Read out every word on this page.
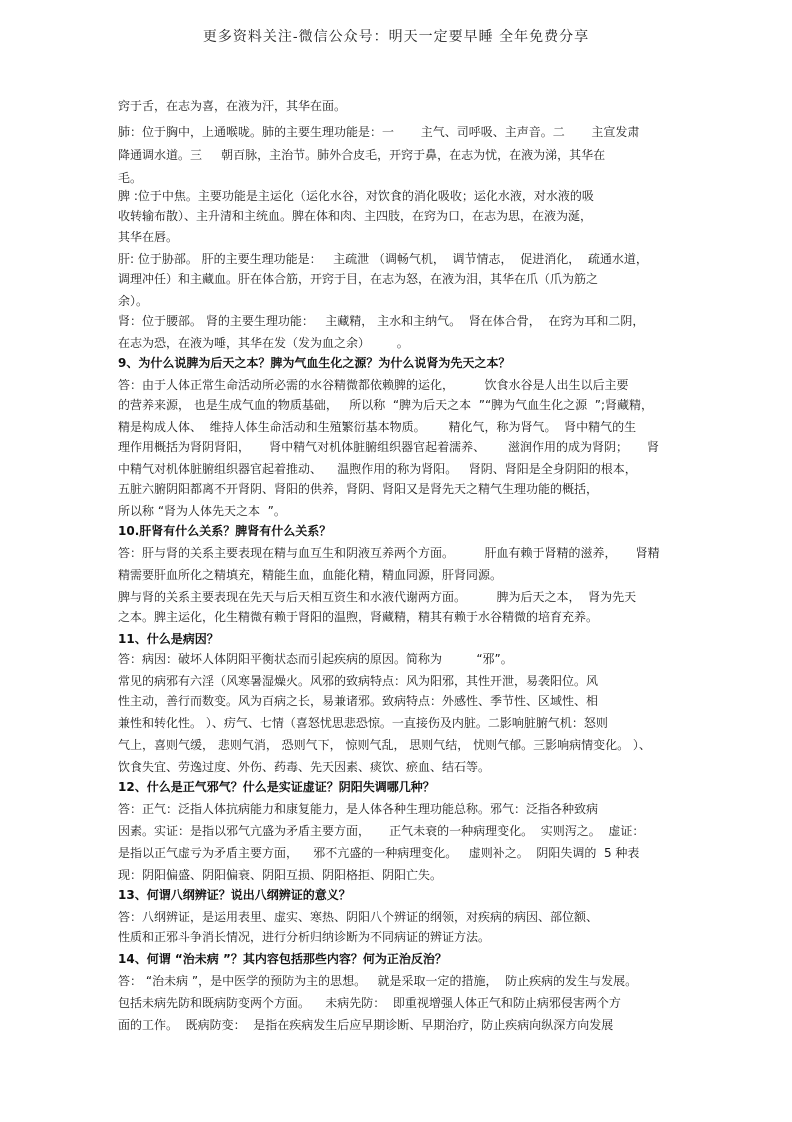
更多资料关注-微信公众号：明天一定要早睡 全年免费分享
窍于舌，在志为喜，在液为汗，其华在面。
肺：位于胸中，上通喉咙。肺的主要生理功能是：一       主气、司呼吸、主声音。二       主宣发肃
降通调水道。三     朝百脉，主治节。肺外合皮毛，开窍于鼻，在志为忧，在液为涕，其华在
毛。
脾 :位于中焦。主要功能是主运化（运化水谷，对饮食的消化吸收；运化水液，对水液的吸
收转输布散）、主升清和主统血。脾在体和肉、主四肢，在窍为口，在志为思，在液为涎，
其华在唇。
肝: 位于胁部。 肝的主要生理功能是：   主疏泄 （调畅气机，  调节情志，  促进消化，  疏通水道，
调理冲任）和主藏血。肝在体合筋，开窍于目，在志为怒，在液为泪，其华在爪（爪为筋之
余）。
肾：位于腰部。 肾的主要生理功能：   主藏精， 主水和主纳气。  肾在体合骨，  在窍为耳和二阴，
在志为恐，在液为唾，其华在发（发为血之余）       。
9、为什么说脾为后天之本？脾为气血生化之源？为什么说肾为先天之本？
答：由于人体正常生命活动所必需的水谷精微都依赖脾的运化，        饮食水谷是人出生以后主要
的营养来源， 也是生成气血的物质基础，   所以称  “脾为后天之本  ”“脾为气血生化之源  ”;肾藏精，
精是构成人体、  维持人体生命活动和生殖繁衍基本物质。      精化气，称为肾气。  肾中精气的生
理作用概括为肾阴肾阳，     肾中精气对机体脏腑组织器官起着濡养、      滋润作用的成为肾阴；     肾
中精气对机体脏腑组织器官起着推动、    温煦作用的称为肾阳。   肾阴、肾阳是全身阴阳的根本，
五脏六腑阴阳都离不开肾阴、肾阳的供养，肾阴、肾阳又是肾先天之精气生理功能的概括，
所以称 “肾为人体先天之本  ”。
10.肝肾有什么关系？脾肾有什么关系？
答：肝与肾的关系主要表现在精与血互生和阴液互养两个方面。        肝血有赖于肾精的滋养，     肾精
精需要肝血所化之精填充，精能生血，血能化精，精血同源，肝肾同源。
脾与肾的关系主要表现在先天与后天相互资生和水液代谢两方面。        脾为后天之本，  肾为先天
之本。脾主运化，化生精微有赖于肾阳的温煦，肾藏精，精其有赖于水谷精微的培育充养。
11、什么是病因？
答：病因：破坏人体阴阳平衡状态而引起疾病的原因。简称为         “邪”。
常见的病邪有六淫（风寒暑湿燥火。风邪的致病特点：风为阳邪，其性开泄，易袭阳位。风
性主动，善行而数变。风为百病之长，易兼诸邪。致病特点：外感性、季节性、区域性、相
兼性和转化性。 ）、疠气、七情（喜怒忧思悲恐惊。一直接伤及内脏。二影响脏腑气机：怒则
气上，喜则气缓， 悲则气消， 恐则气下， 惊则气乱， 思则气结， 忧则气郁。三影响病情变化。 ）、
饮食失宜、劳逸过度、外伤、药毒、先天因素、痰饮、瘀血、结石等。
12、什么是正气邪气？什么是实证虚证？阴阳失调哪几种？
答：正气：泛指人体抗病能力和康复能力，是人体各种生理功能总称。邪气：泛指各种致病
因素。实证：是指以邪气亢盛为矛盾主要方面，     正气未衰的一种病理变化。  实则泻之。  虚证：
是指以正气虚亏为矛盾主要方面，    邪不亢盛的一种病理变化。   虚则补之。  阴阳失调的  5 种表
现：阴阳偏盛、阴阳偏衰、阴阳互损、阴阳格拒、阴阳亡失。
13、何谓八纲辨证？说出八纲辨证的意义？
答：八纲辨证，是运用表里、虚实、寒热、阴阳八个辨证的纲领，对疾病的病因、部位额、
性质和正邪斗争消长情况，进行分析归纳诊断为不同病证的辨证方法。
14、何谓 “治未病 ”？其内容包括那些内容？何为正治反治？
答： “治未病 ”，是中医学的预防为主的思想。   就是采取一定的措施，  防止疾病的发生与发展。
包括未病先防和既病防变两个方面。    未病先防：  即重视增强人体正气和防止病邪侵害两个方
面的工作。  既病防变：  是指在疾病发生后应早期诊断、早期治疗，防止疾病向纵深方向发展
